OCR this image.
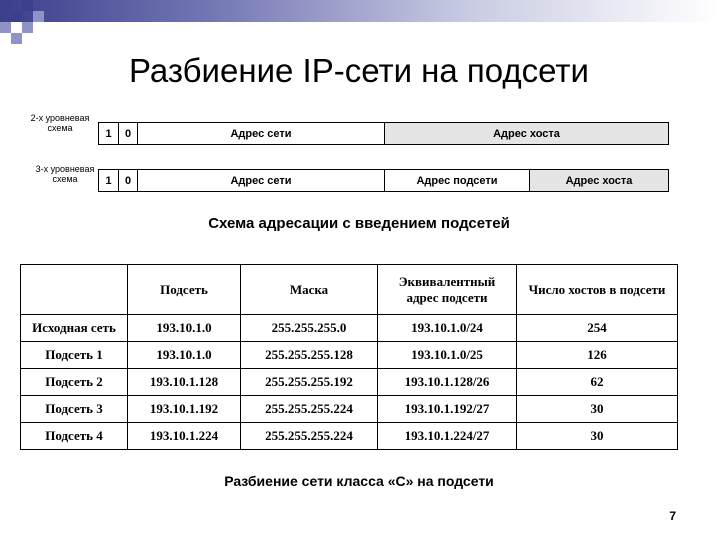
Разбиение IP-сети на подсети
2-х уровневая схема	1	0	Адрес сети	Адрес хоста
3-х уровневая схема	1	0	Адрес сети	Адрес подсети	Адрес хоста
Схема адресации с введением подсетей
	Подсеть	Маска	Эквивалентный адрес подсети	Число хостов в подсети
Исходная сеть	193.10.1.0	255.255.255.0	193.10.1.0/24	254
Подсеть 1	193.10.1.0	255.255.255.128	193.10.1.0/25	126
Подсеть 2	193.10.1.128	255.255.255.192	193.10.1.128/26	62
Подсеть 3	193.10.1.192	255.255.255.224	193.10.1.192/27	30
Подсеть 4	193.10.1.224	255.255.255.224	193.10.1.224/27	30
Разбиение сети класса «С» на подсети
7
